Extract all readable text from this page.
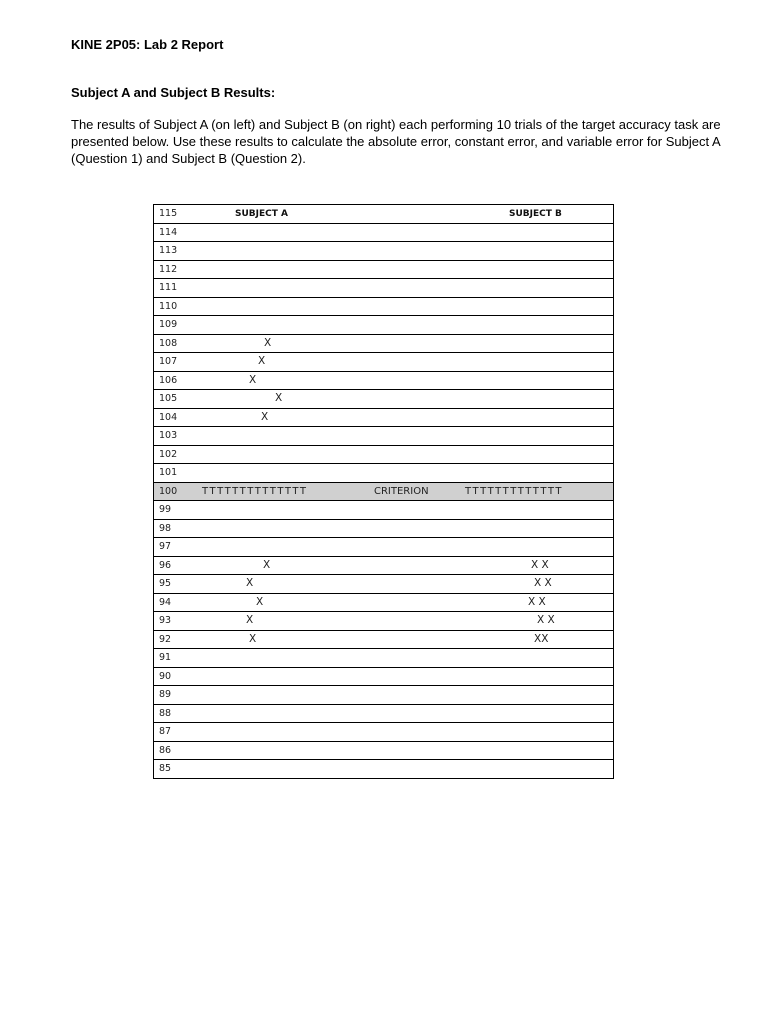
KINE 2P05: Lab 2 Report
Subject A and Subject B Results:

The results of Subject A (on left) and Subject B (on right) each performing 10 trials of the target accuracy task are presented below. Use these results to calculate the absolute error, constant error, and variable error for Subject A (Question 1) and Subject B (Question 2).

115	SUBJECT A	SUBJECT B
114
113
112
111
110
109
108	X
107	X
106	X
105	X
104	X
103
102
101
100 TTTTTTTTTTTTTT	CRITERION	TTTTTTTTTTTTT
99
98
97
96	X	X X
95	X	X X
94	X	X X
93	X	X X
92	X	XX
91
90
89
88
87
86
85
